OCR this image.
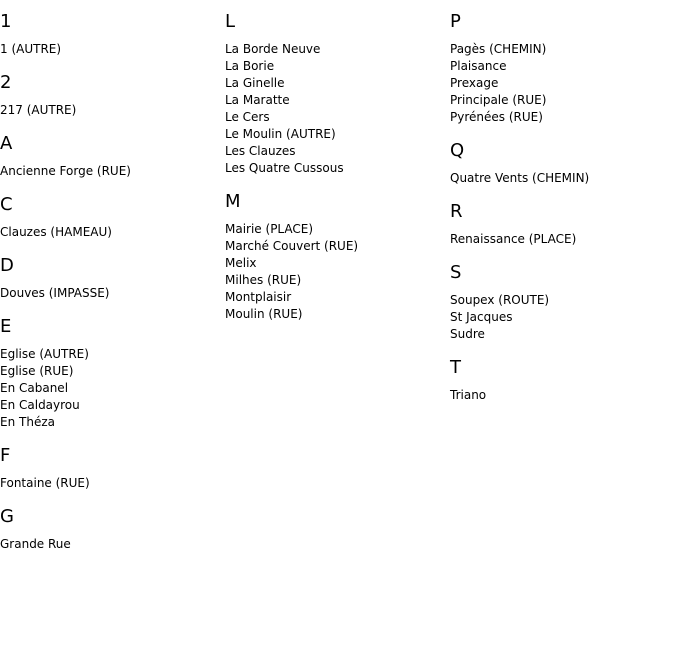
1
1 (AUTRE)
2
217 (AUTRE)
A
Ancienne Forge (RUE)
C
Clauzes (HAMEAU)
D
Douves (IMPASSE)
E
Eglise (AUTRE)
Eglise (RUE)
En Cabanel
En Caldayrou
En Théza
F
Fontaine (RUE)
G
Grande Rue
L
La Borde Neuve
La Borie
La Ginelle
La Maratte
Le Cers
Le Moulin (AUTRE)
Les Clauzes
Les Quatre Cussous
M
Mairie (PLACE)
Marché Couvert (RUE)
Melix
Milhes (RUE)
Montplaisir
Moulin (RUE)
P
Pagès (CHEMIN)
Plaisance
Prexage
Principale (RUE)
Pyrénées (RUE)
Q
Quatre Vents (CHEMIN)
R
Renaissance (PLACE)
S
Soupex (ROUTE)
St Jacques
Sudre
T
Triano
